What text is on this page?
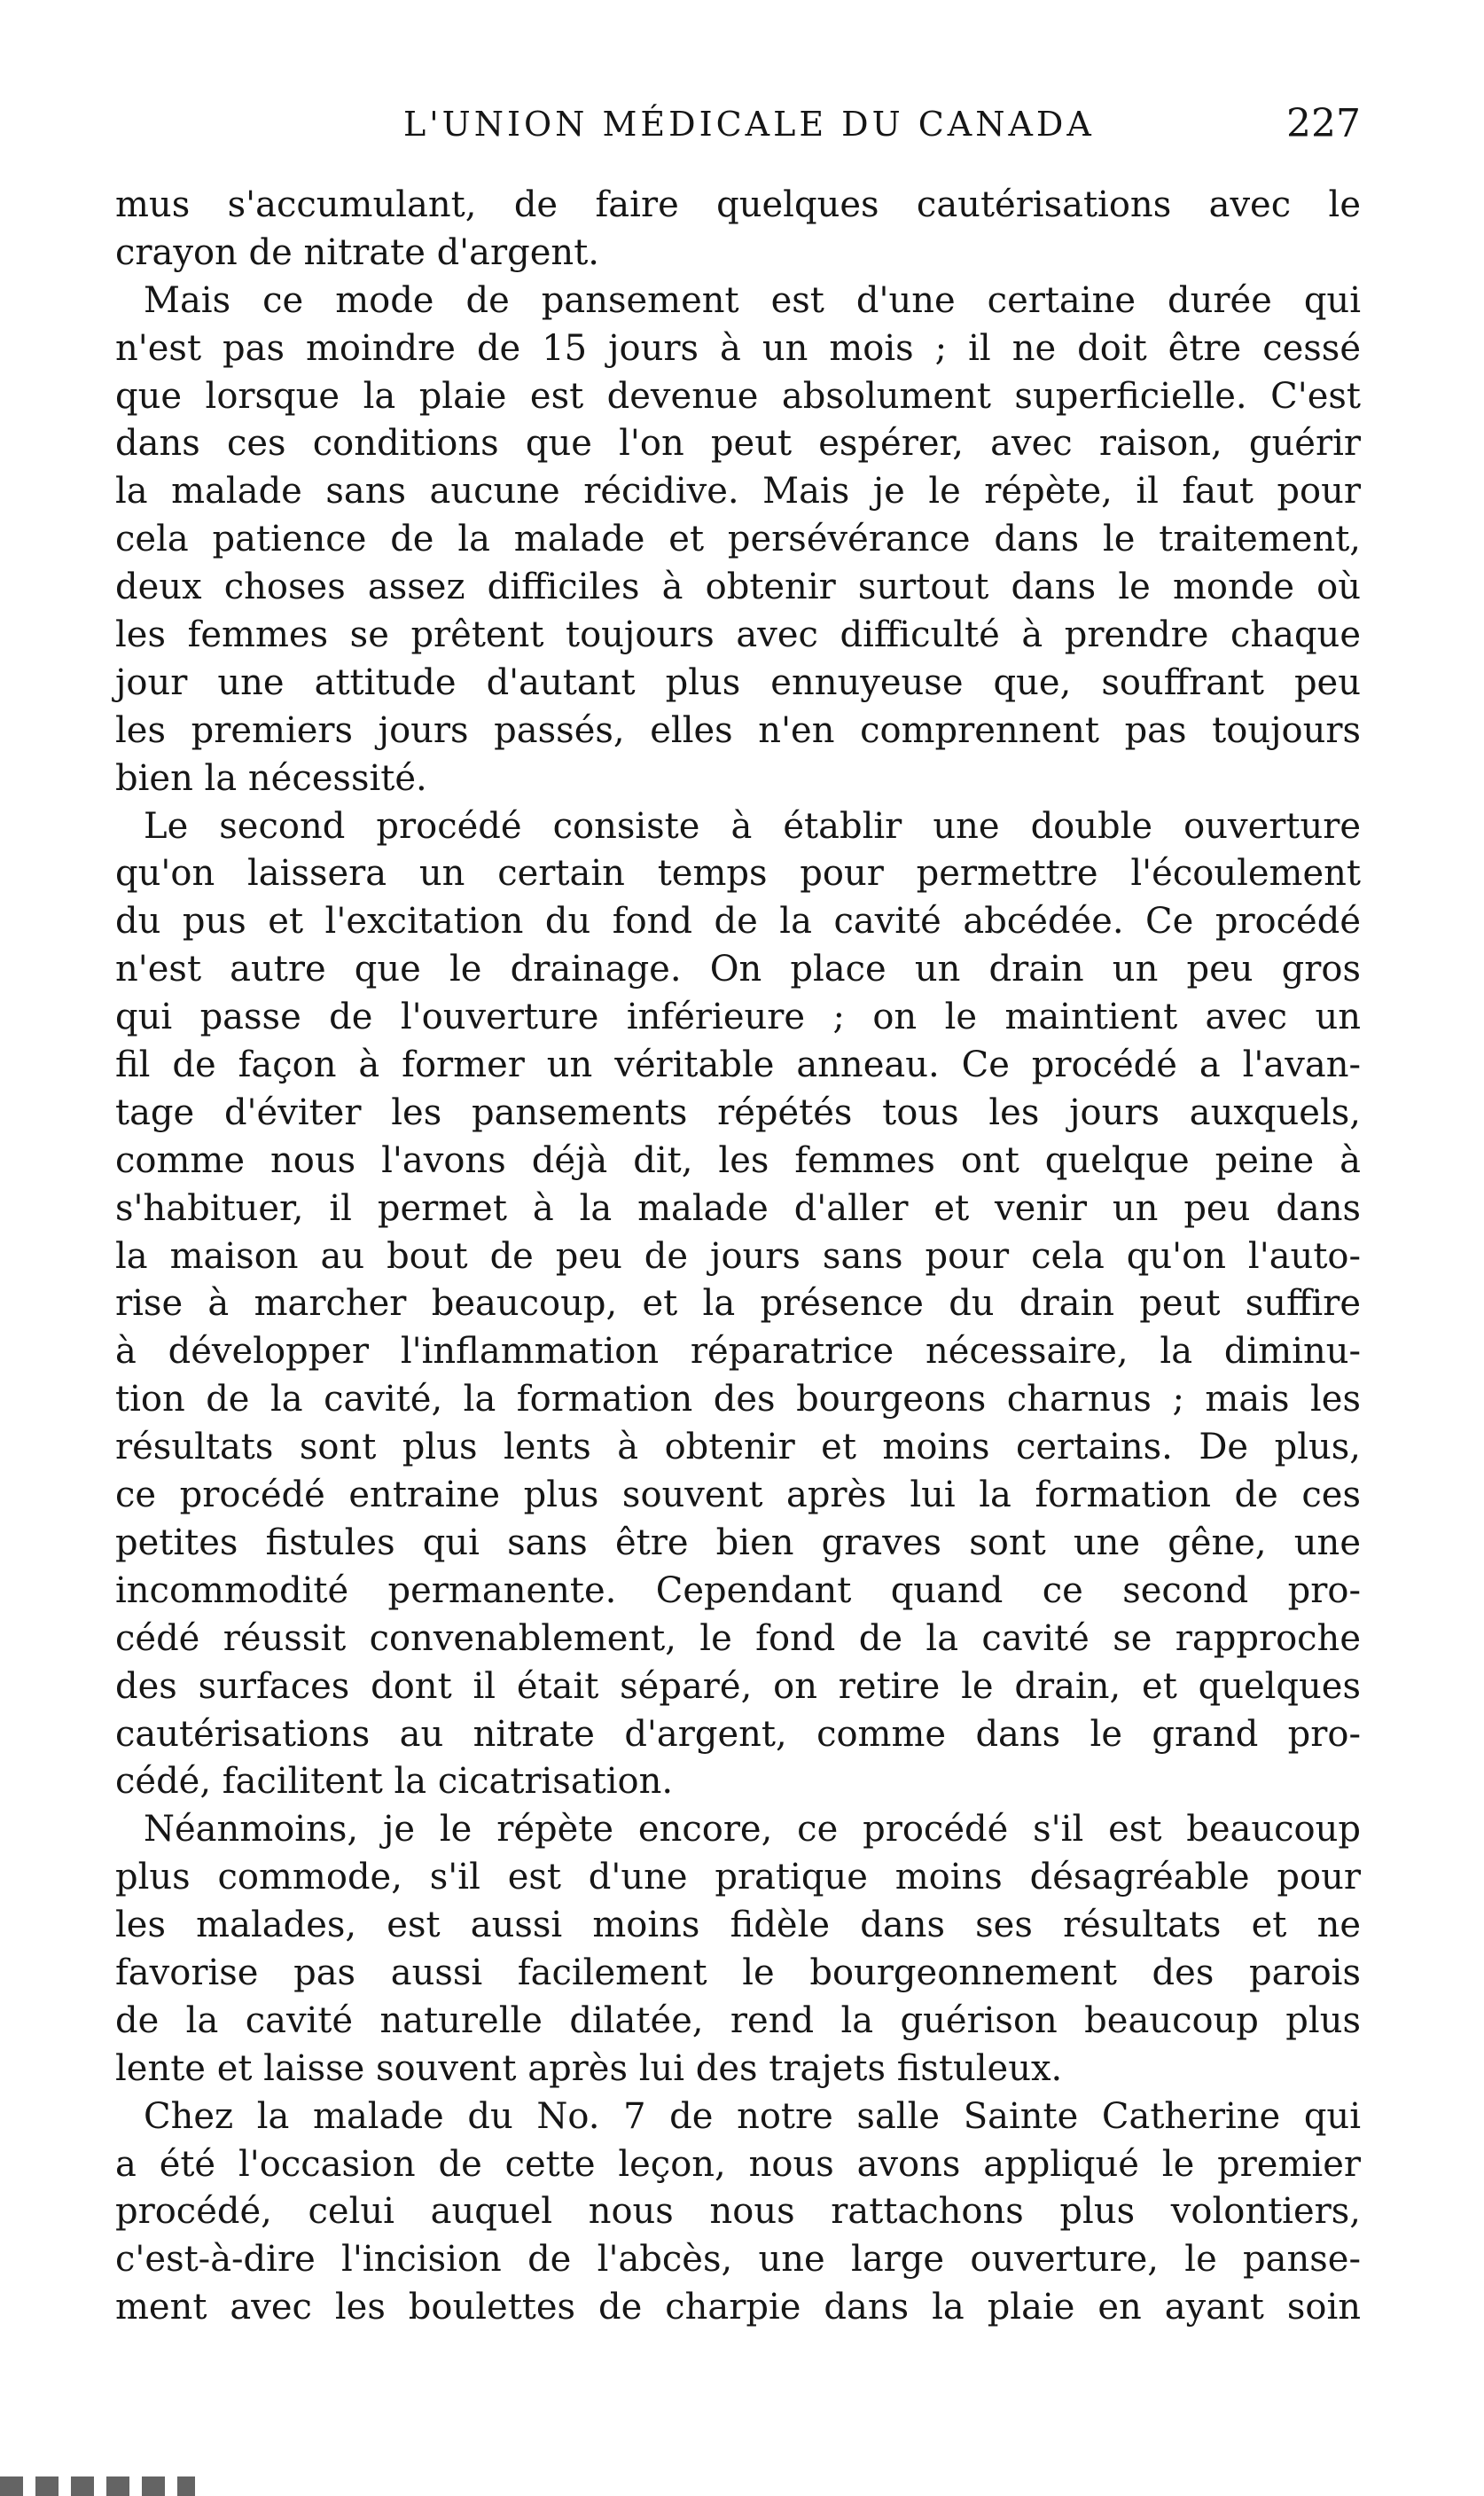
L'UNION MÉDICALE DU CANADA	227
mus s'accumulant, de faire quelques cautérisations avec le
crayon de nitrate d'argent.
Mais ce mode de pansement est d'une certaine durée qui
n'est pas moindre de 15 jours à un mois ; il ne doit être cessé
que lorsque la plaie est devenue absolument superficielle. C'est
dans ces conditions que l'on peut espérer, avec raison, guérir
la malade sans aucune récidive. Mais je le répète, il faut pour
cela patience de la malade et persévérance dans le traitement,
deux choses assez difficiles à obtenir surtout dans le monde où
les femmes se prêtent toujours avec difficulté à prendre chaque
jour une attitude d'autant plus ennuyeuse que, souffrant peu
les premiers jours passés, elles n'en comprennent pas toujours
bien la nécessité.
Le second procédé consiste à établir une double ouverture
qu'on laissera un certain temps pour permettre l'écoulement
du pus et l'excitation du fond de la cavité abcédée. Ce procédé
n'est autre que le drainage. On place un drain un peu gros
qui passe de l'ouverture inférieure ; on le maintient avec un
fil de façon à former un véritable anneau. Ce procédé a l'avan-
tage d'éviter les pansements répétés tous les jours auxquels,
comme nous l'avons déjà dit, les femmes ont quelque peine à
s'habituer, il permet à la malade d'aller et venir un peu dans
la maison au bout de peu de jours sans pour cela qu'on l'auto-
rise à marcher beaucoup, et la présence du drain peut suffire
à développer l'inflammation réparatrice nécessaire, la diminu-
tion de la cavité, la formation des bourgeons charnus ; mais les
résultats sont plus lents à obtenir et moins certains. De plus,
ce procédé entraine plus souvent après lui la formation de ces
petites fistules qui sans être bien graves sont une gêne, une
incommodité permanente. Cependant quand ce second pro-
cédé réussit convenablement, le fond de la cavité se rapproche
des surfaces dont il était séparé, on retire le drain, et quelques
cautérisations au nitrate d'argent, comme dans le grand pro-
cédé, facilitent la cicatrisation.
Néanmoins, je le répète encore, ce procédé s'il est beaucoup
plus commode, s'il est d'une pratique moins désagréable pour
les malades, est aussi moins fidèle dans ses résultats et ne
favorise pas aussi facilement le bourgeonnement des parois
de la cavité naturelle dilatée, rend la guérison beaucoup plus
lente et laisse souvent après lui des trajets fistuleux.
Chez la malade du No. 7 de notre salle Sainte Catherine qui
a été l'occasion de cette leçon, nous avons appliqué le premier
procédé, celui auquel nous nous rattachons plus volontiers,
c'est-à-dire l'incision de l'abcès, une large ouverture, le panse-
ment avec les boulettes de charpie dans la plaie en ayant soin
